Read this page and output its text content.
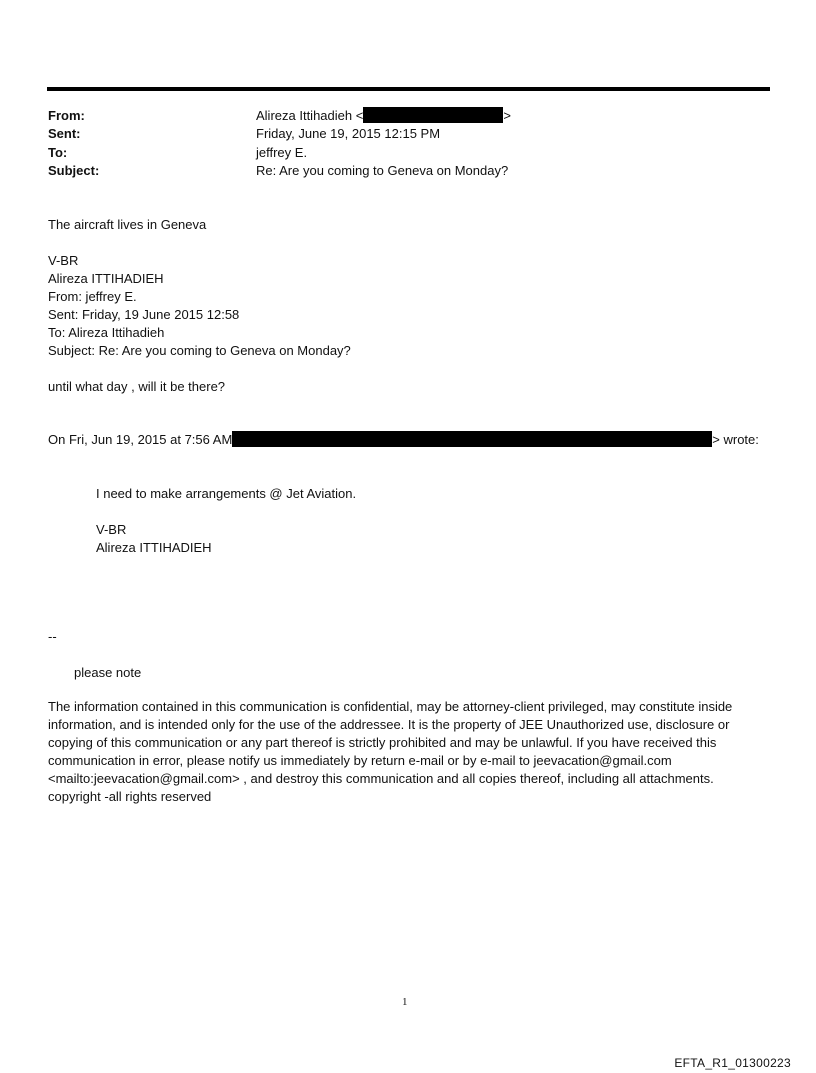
From:	Alireza Ittihadieh <	>
Sent:	Friday, June 19, 2015 12:15 PM
To:	jeffrey E.
Subject:	Re: Are you coming to Geneva on Monday?
The aircraft lives in Geneva
V-BR
Alireza ITTIHADIEH
From: jeffrey E.
Sent: Friday, 19 June 2015 12:58
To: Alireza Ittihadieh
Subject: Re: Are you coming to Geneva on Monday?
until what day , will it be there?
On Fri, Jun 19, 2015 at 7:56 AM	> wrote:
I need to make arrangements @ Jet Aviation.
V-BR
Alireza ITTIHADIEH
--
please note

The information contained in this communication is confidential, may be attorney-client privileged, may constitute inside information, and is intended only for the use of the addressee. It is the property of JEE Unauthorized use, disclosure or copying of this communication or any part thereof is strictly prohibited and may be unlawful. If you have received this communication in error, please notify us immediately by return e-mail or by e-mail to jeevacation@gmail.com <mailto:jeevacation@gmail.com> , and destroy this communication and all copies thereof, including all attachments. copyright -all rights reserved

1
EFTA_R1_01300223
